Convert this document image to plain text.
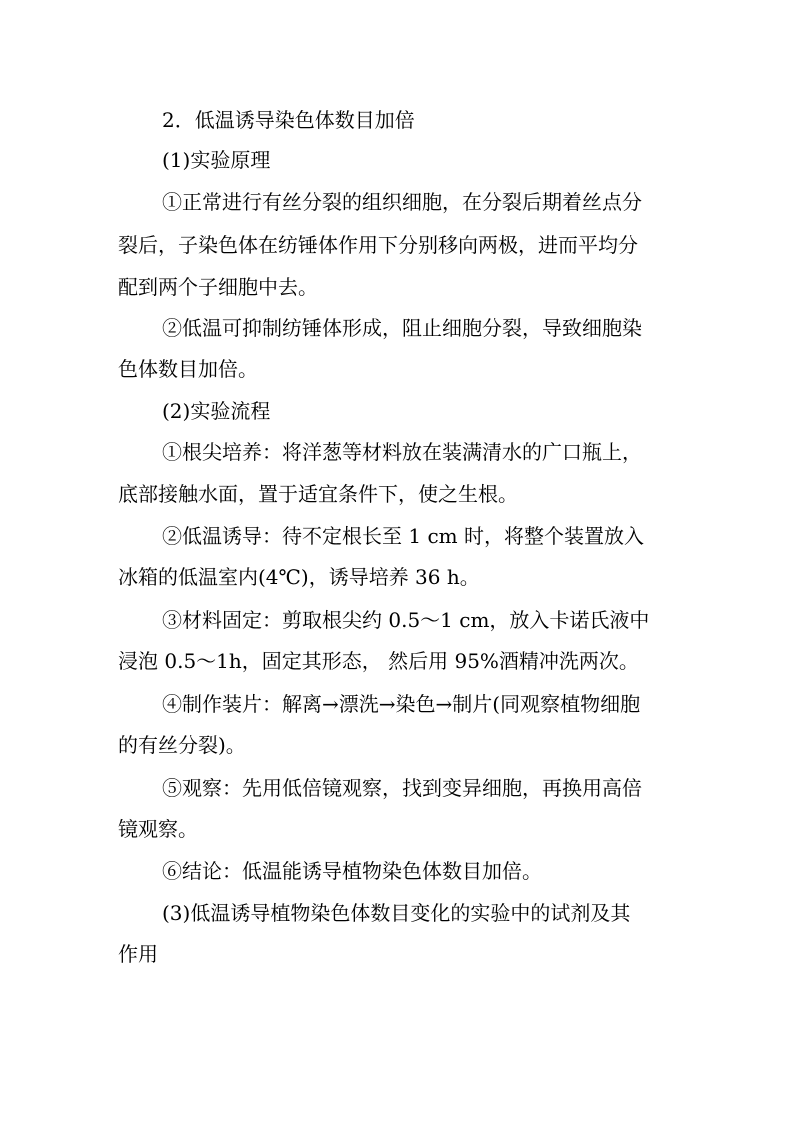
2．低温诱导染色体数目加倍
(1)实验原理
①正常进行有丝分裂的组织细胞，在分裂后期着丝点分
裂后，子染色体在纺锤体作用下分别移向两极，进而平均分
配到两个子细胞中去。
②低温可抑制纺锤体形成，阻止细胞分裂，导致细胞染
色体数目加倍。
(2)实验流程
①根尖培养：将洋葱等材料放在装满清水的广口瓶上，
底部接触水面，置于适宜条件下，使之生根。
②低温诱导：待不定根长至 1 cm 时，将整个装置放入
冰箱的低温室内(4℃)，诱导培养 36 h。
③材料固定：剪取根尖约 0.5～1 cm，放入卡诺氏液中
浸泡 0.5～1h，固定其形态， 然后用 95%酒精冲洗两次。
④制作装片：解离→漂洗→染色→制片(同观察植物细胞
的有丝分裂)。
⑤观察：先用低倍镜观察，找到变异细胞，再换用高倍
镜观察。
⑥结论：低温能诱导植物染色体数目加倍。
(3)低温诱导植物染色体数目变化的实验中的试剂及其
作用
